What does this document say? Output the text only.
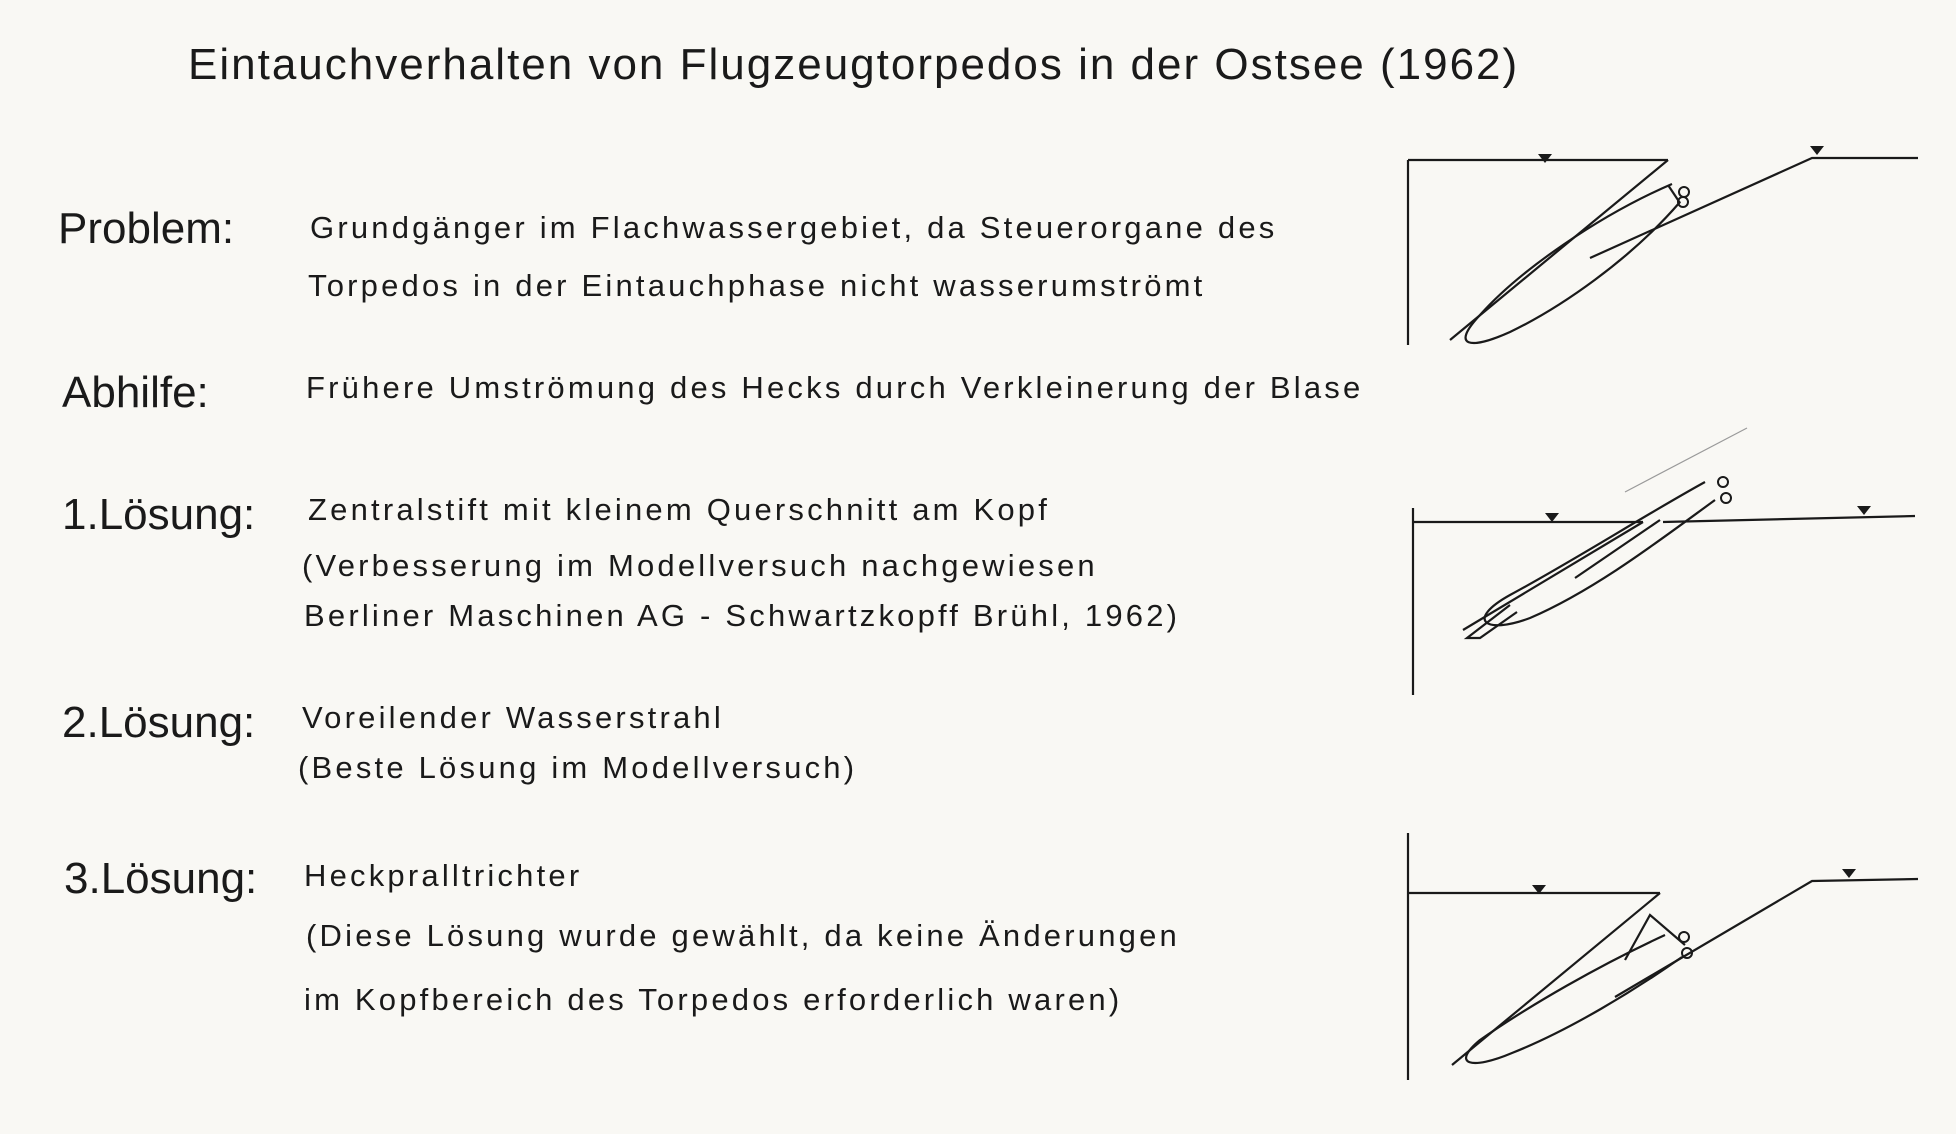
Eintauchverhalten von Flugzeugtorpedos in der Ostsee (1962)
Problem: Grundgänger im Flachwassergebiet, da Steuerorgane des
Torpedos in der Eintauchphase nicht wasserumströmt
Abhilfe:	Frühere Umströmung des Hecks durch Verkleinerung der Blase
1.Lösung: Zentralstift mit kleinem Querschnitt am Kopf
(Verbesserung im Modellversuch nachgewiesen
Berliner Maschinen AG - Schwartzkopff Brühl, 1962)
2.Lösung: Voreilender Wasserstrahl
(Beste Lösung im Modellversuch)
3.Lösung: Heckpralltrichter
(Diese Lösung wurde gewählt, da keine Änderungen
im Kopfbereich des Torpedos erforderlich waren)
